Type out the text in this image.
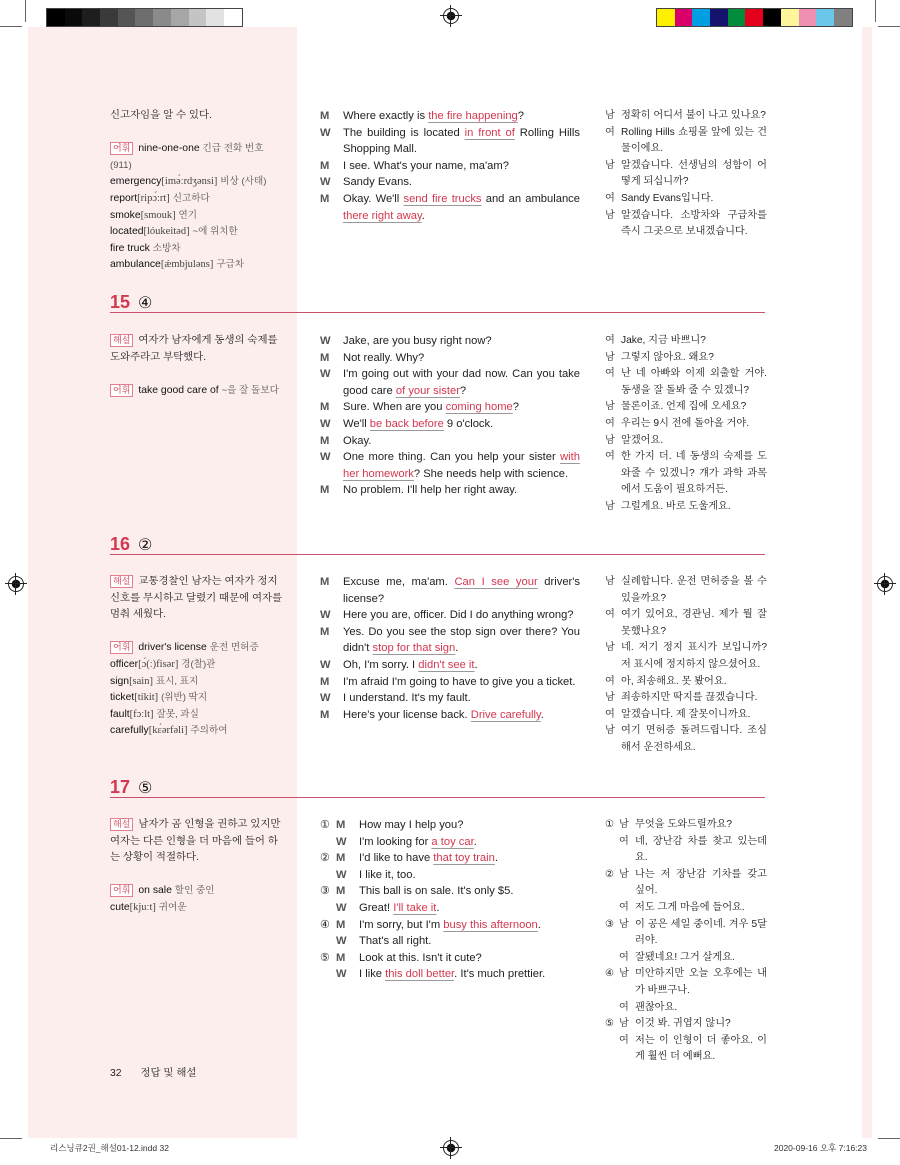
신고자임을 알 수 있다.
어휘 nine-one-one 긴급 전화 번호 (911)
emergency[imə́ːrdʒənsi] 비상 (사태)
report[ripɔ́ːrt] 신고하다
smoke[smouk] 연기
located[lóukeitəd] ~에 위치한
fire truck 소방차
ambulance[ǽmbjuləns] 구급차
M	Where exactly is the fire happening?
W	The building is located in front of Rolling Hills Shopping Mall.
M	I see. What's your name, ma'am?
W	Sandy Evans.
M	Okay. We'll send fire trucks and an ambulance there right away.
남 정확히 어디서 불이 나고 있나요?
여 Rolling Hills 쇼핑몰 앞에 있는 건물이에요.
남 알겠습니다. 선생님의 성함이 어떻게 되십니까?
여 Sandy Evans입니다.
남 알겠습니다. 소방차와 구급차를 즉시 그곳으로 보내겠습니다.
15 ④
해설 여자가 남자에게 동생의 숙제를 도와주라고 부탁했다.
어휘 take good care of ~을 잘 돌보다
W	Jake, are you busy right now?
M	Not really. Why?
W	I'm going out with your dad now. Can you take good care of your sister?
M	Sure. When are you coming home?
W	We'll be back before 9 o'clock.
M	Okay.
W	One more thing. Can you help your sister with her homework? She needs help with science.
M	No problem. I'll help her right away.
여 Jake, 지금 바쁘니?
남 그렇지 않아요. 왜요?
여 난 네 아빠와 이제 외출할 거야. 동생을 잘 돌봐 줄 수 있겠니?
남 물론이죠. 언제 집에 오세요?
여 우리는 9시 전에 돌아올 거야.
남 알겠어요.
여 한 가지 더. 네 동생의 숙제를 도와줄 수 있겠니? 걔가 과학 과목에서 도움이 필요하거든.
남 그럴게요. 바로 도울게요.
16 ②
해설 교통경찰인 남자는 여자가 정지 신호를 무시하고 달렸기 때문에 여자를 멈춰 세웠다.
어휘 driver's license 운전 면허증
officer[ɔ́(ː)fisər] 경(찰)관
sign[sain] 표시, 표지
ticket[tíkit] (위반) 딱지
fault[fɔːlt] 잘못, 과실
carefully[kɛ́ərfəli] 주의하여
M	Excuse me, ma'am. Can I see your driver's license?
W	Here you are, officer. Did I do anything wrong?
M	Yes. Do you see the stop sign over there? You didn't stop for that sign.
W	Oh, I'm sorry. I didn't see it.
M	I'm afraid I'm going to have to give you a ticket.
W	I understand. It's my fault.
M	Here's your license back. Drive carefully.
남 실례합니다. 운전 면허증을 볼 수 있을까요?
여 여기 있어요, 경관님. 제가 뭘 잘못했나요?
남 네. 저기 정지 표시가 보입니까? 저 표시에 정지하지 않으셨어요.
여 아, 죄송해요. 못 봤어요.
남 죄송하지만 딱지를 끊겠습니다.
여 알겠습니다. 제 잘못이니까요.
남 여기 면허증 돌려드립니다. 조심해서 운전하세요.
17 ⑤
해설 남자가 곰 인형을 권하고 있지만 여자는 다른 인형을 더 마음에 들어 하는 상황이 적절하다.
어휘 on sale 할인 중인
cute[kjuːt] 귀여운
① M	How may I help you?
W	I'm looking for a toy car.
② M	I'd like to have that toy train.
W	I like it, too.
③ M	This ball is on sale. It's only $5.
W	Great! I'll take it.
④ M	I'm sorry, but I'm busy this afternoon.
W	That's all right.
⑤ M	Look at this. Isn't it cute?
W	I like this doll better. It's much prettier.
① 남 무엇을 도와드릴까요?
여 네, 장난감 차를 찾고 있는데요.
② 남 나는 저 장난감 기차를 갖고 싶어.
여 저도 그게 마음에 들어요.
③ 남 이 공은 세일 중이네. 겨우 5달러야.
여 잘됐네요! 그거 살게요.
④ 남 미안하지만 오늘 오후에는 내가 바쁘구나.
여 괜찮아요.
⑤ 남 이것 봐. 귀엽지 않니?
여 저는 이 인형이 더 좋아요. 이게 훨씬 더 예뻐요.
32 정답 및 해설
리스닝큐2권_해설01-12.indd 32	2020-09-16 오후 7:16:23
